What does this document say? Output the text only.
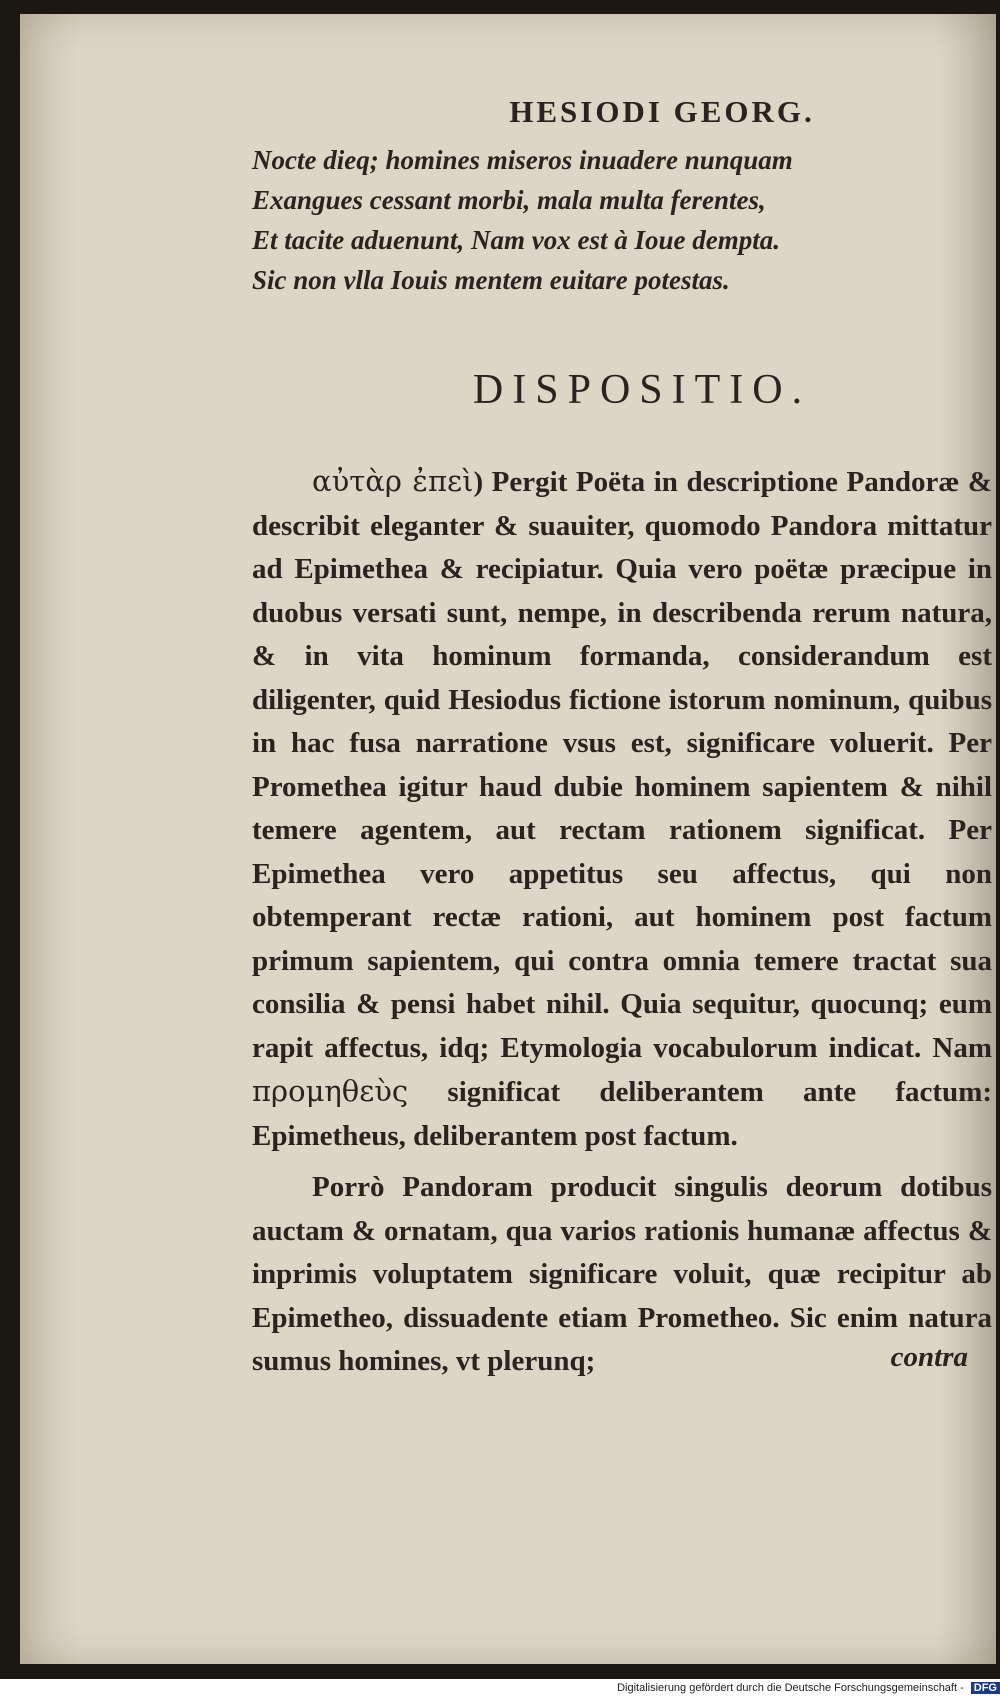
HESIODI GEORG.
Nocte dieq; homines miseros inuadere nunquam
Exangues cessant morbi, mala multa ferentes,
Et tacite aduenunt, Nam vox est à Ioue dempta.
Sic non vlla Iouis mentem euitare potestas.
DISPOSITIO.

αὐτὰρ ἐπεὶ) Pergit Poëta in descriptione Pandoræ & describit eleganter & suauiter, quomodo Pandora mittatur ad Epimethea & recipiatur. Quia vero poëtæ præcipue in duobus versati sunt, nempe, in describenda rerum natura, & in vita hominum formanda, considerandum est diligenter, quid Hesiodus fictione istorum nominum, quibus in hac fusa narratione vsus est, significare voluerit. Per Promethea igitur haud dubie hominem sapientem & nihil temere agentem, aut rectam rationem significat. Per Epimethea vero appetitus seu affectus, qui non obtemperant rectæ rationi, aut hominem post factum primum sapientem, qui contra omnia temere tractat sua consilia & pensi habet nihil. Quia sequitur, quocunq; eum rapit affectus, idq; Etymologia vocabulorum indicat. Nam προμηθεὺς significat deliberantem ante factum: Epimetheus, deliberantem post factum.

Porrò Pandoram producit singulis deorum dotibus auctam & ornatam, qua varios rationis humanæ affectus & inprimis voluptatem significare voluit, quæ recipitur ab Epimetheo, dissuadente etiam Prometheo. Sic enim natura sumus homines, vt plerunq;	contra
Digitalisierung gefördert durch die Deutsche Forschungsgemeinschaft - DFG
